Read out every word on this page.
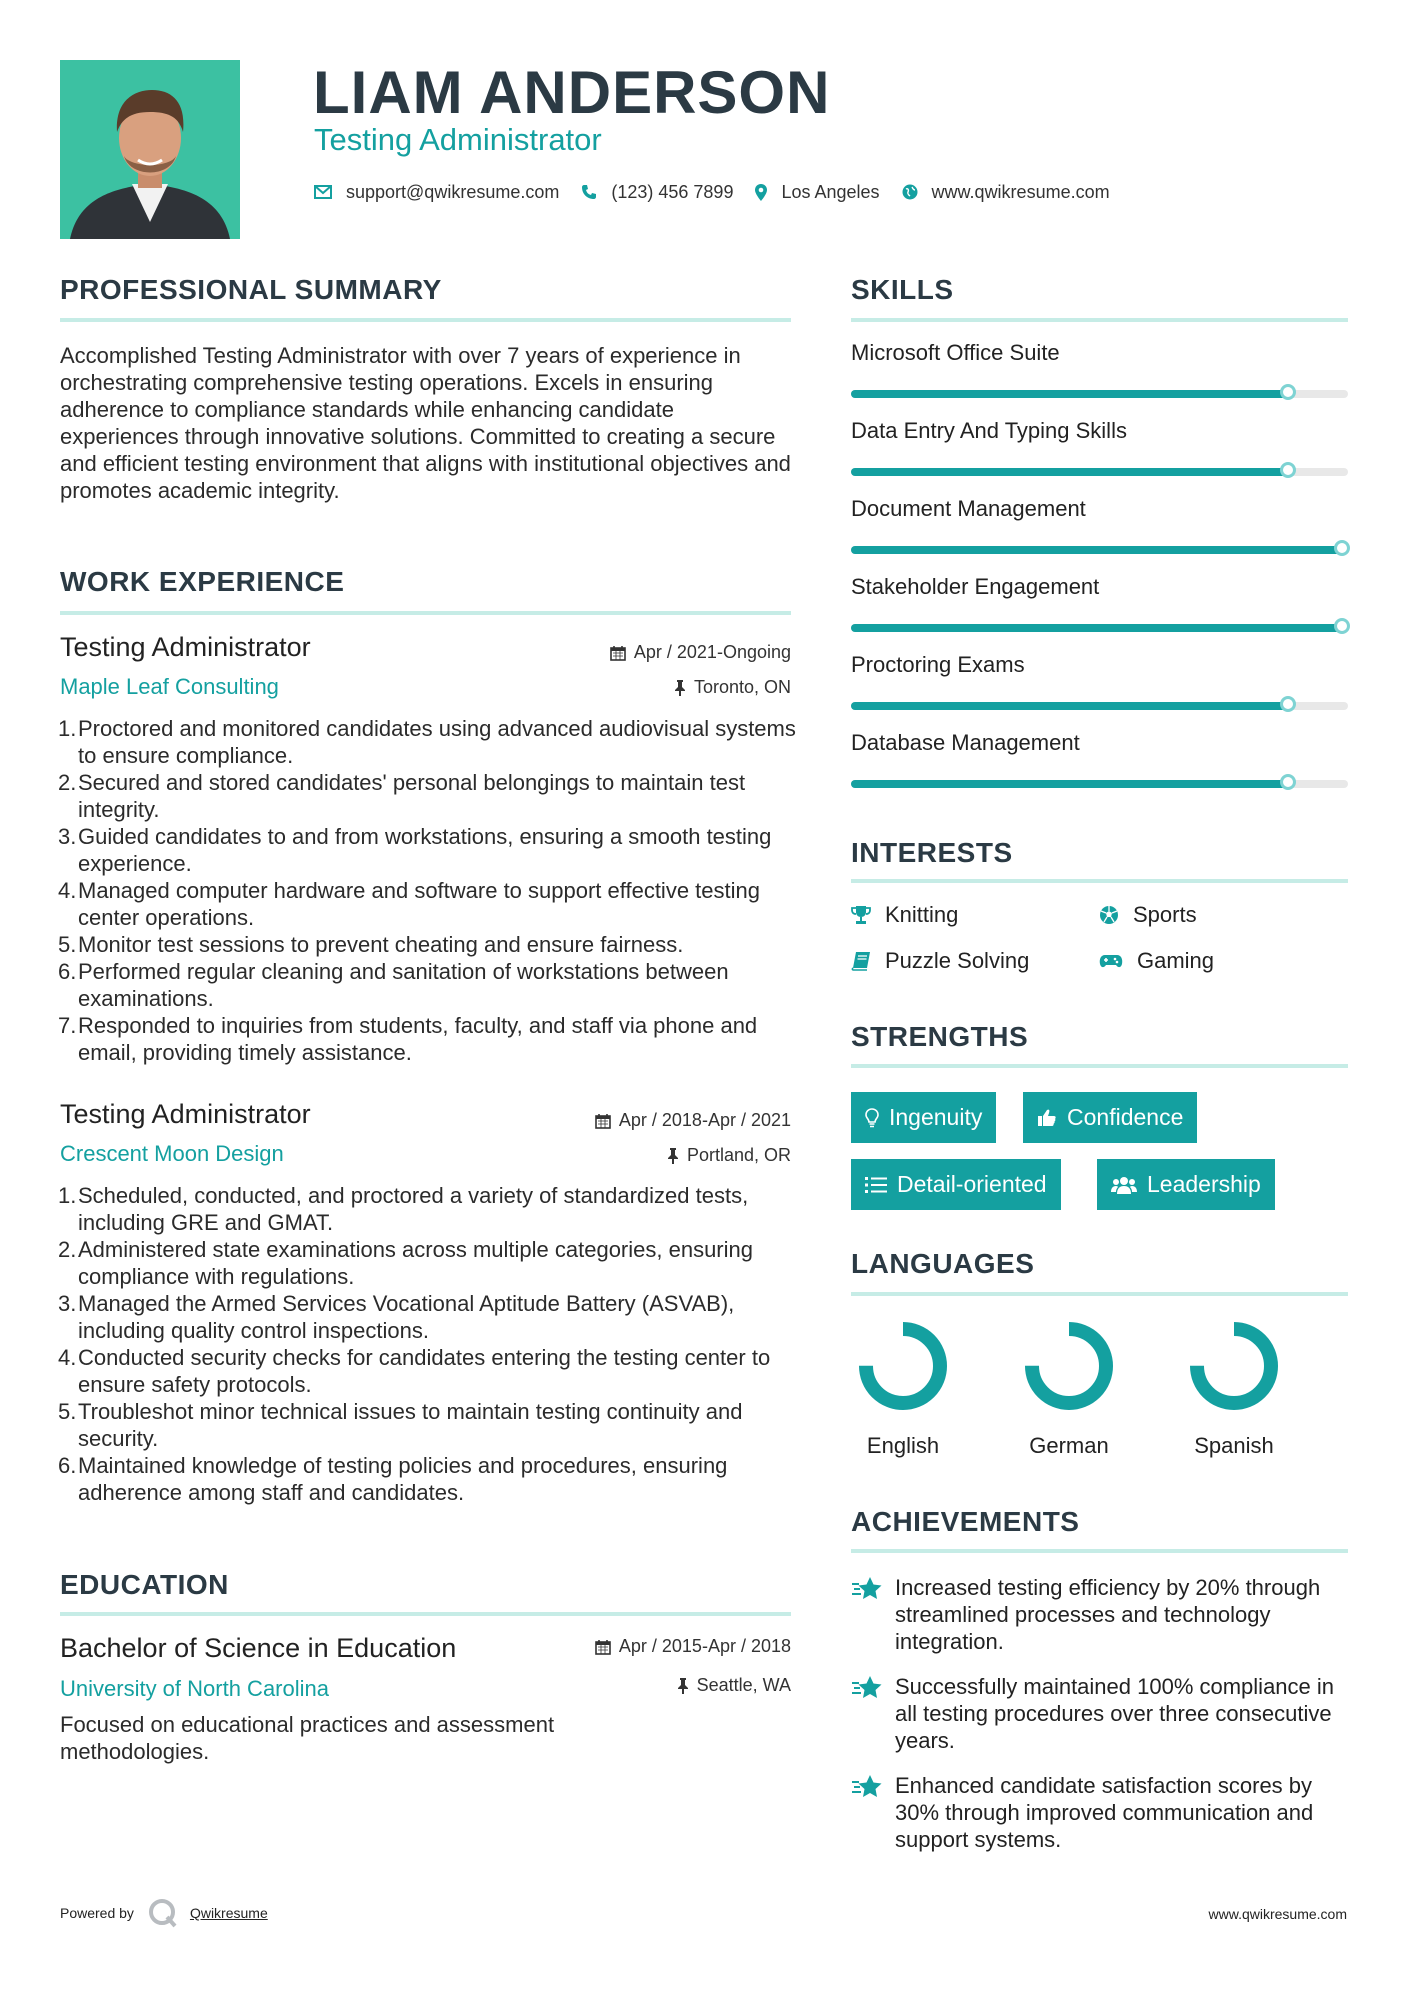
LIAM ANDERSON
Testing Administrator
support@qwikresume.com	(123) 456 7899	Los Angeles	www.qwikresume.com
PROFESSIONAL SUMMARY
Accomplished Testing Administrator with over 7 years of experience in orchestrating comprehensive testing operations. Excels in ensuring adherence to compliance standards while enhancing candidate experiences through innovative solutions. Committed to creating a secure and efficient testing environment that aligns with institutional objectives and promotes academic integrity.
WORK EXPERIENCE
Testing Administrator	Apr / 2021-Ongoing
Maple Leaf Consulting	Toronto, ON
Proctored and monitored candidates using advanced audiovisual systems to ensure compliance.
Secured and stored candidates' personal belongings to maintain test integrity.
Guided candidates to and from workstations, ensuring a smooth testing experience.
Managed computer hardware and software to support effective testing center operations.
Monitor test sessions to prevent cheating and ensure fairness.
Performed regular cleaning and sanitation of workstations between examinations.
Responded to inquiries from students, faculty, and staff via phone and email, providing timely assistance.
Testing Administrator	Apr / 2018-Apr / 2021
Crescent Moon Design	Portland, OR
Scheduled, conducted, and proctored a variety of standardized tests, including GRE and GMAT.
Administered state examinations across multiple categories, ensuring compliance with regulations.
Managed the Armed Services Vocational Aptitude Battery (ASVAB), including quality control inspections.
Conducted security checks for candidates entering the testing center to ensure safety protocols.
Troubleshot minor technical issues to maintain testing continuity and security.
Maintained knowledge of testing policies and procedures, ensuring adherence among staff and candidates.
EDUCATION
Bachelor of Science in Education	Apr / 2015-Apr / 2018
University of North Carolina	Seattle, WA
Focused on educational practices and assessment methodologies.
SKILLS
Microsoft Office Suite
Data Entry And Typing Skills
Document Management
Stakeholder Engagement
Proctoring Exams
Database Management
INTERESTS
Knitting	Sports
Puzzle Solving	Gaming
STRENGTHS
Ingenuity	Confidence
Detail-oriented	Leadership
LANGUAGES
English	German	Spanish
ACHIEVEMENTS
Increased testing efficiency by 20% through streamlined processes and technology integration.
Successfully maintained 100% compliance in all testing procedures over three consecutive years.
Enhanced candidate satisfaction scores by 30% through improved communication and support systems.
Powered by	Qwikresume	www.qwikresume.com
